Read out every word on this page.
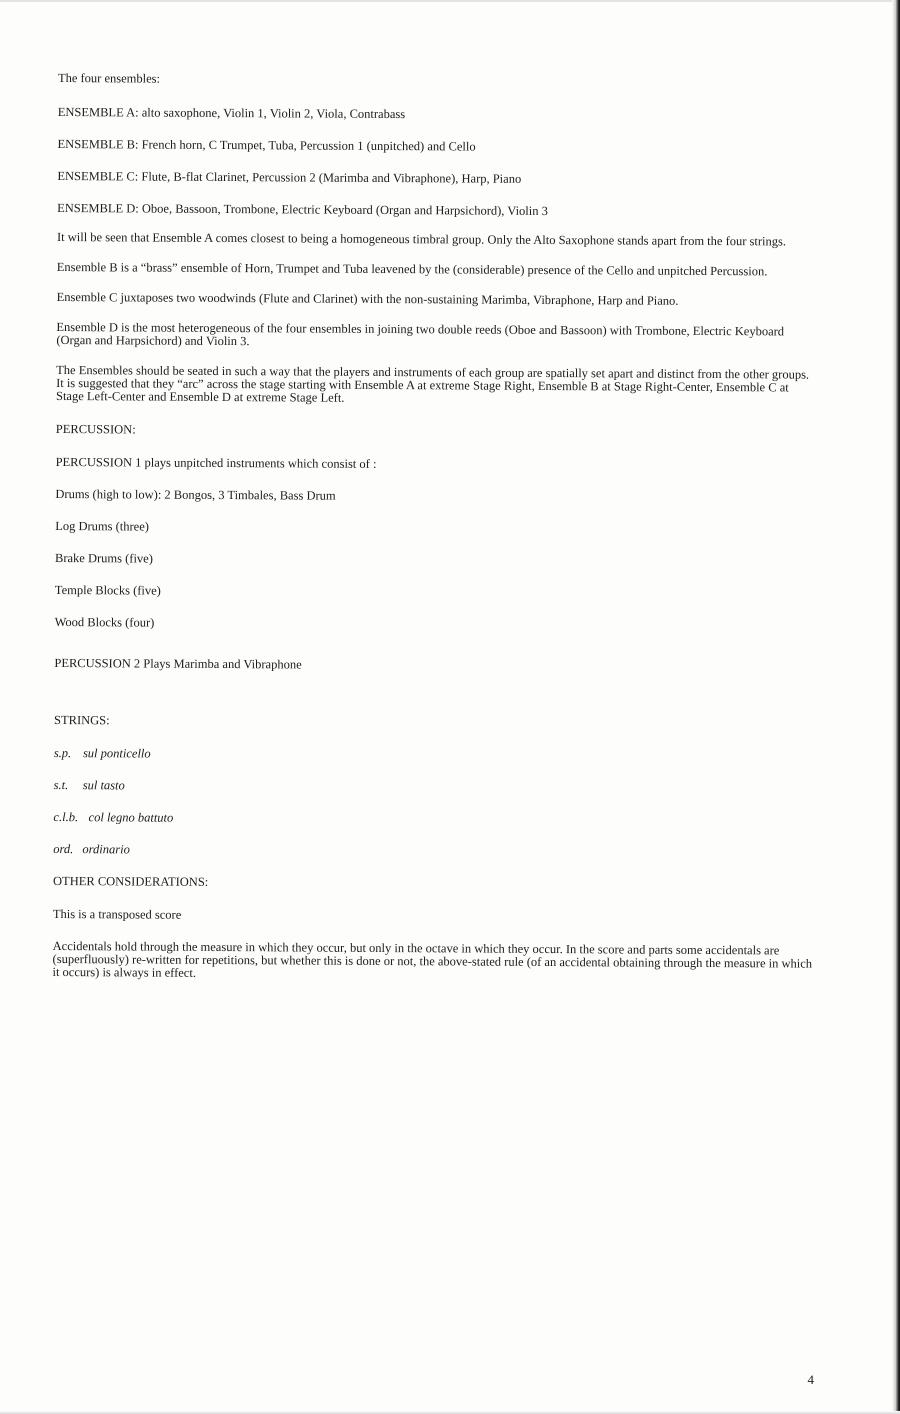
The four ensembles:

ENSEMBLE A: alto saxophone, Violin 1, Violin 2, Viola, Contrabass

ENSEMBLE B: French horn, C Trumpet, Tuba, Percussion 1 (unpitched) and Cello

ENSEMBLE C: Flute, B-flat Clarinet, Percussion 2 (Marimba and Vibraphone), Harp, Piano

ENSEMBLE D: Oboe, Bassoon, Trombone, Electric Keyboard (Organ and Harpsichord), Violin 3

It will be seen that Ensemble A comes closest to being a homogeneous timbral group. Only the Alto Saxophone stands apart from the four strings.

Ensemble B is a “brass” ensemble of Horn, Trumpet and Tuba leavened by the (considerable) presence of the Cello and unpitched Percussion.

Ensemble C juxtaposes two woodwinds (Flute and Clarinet) with the non-sustaining Marimba, Vibraphone, Harp and Piano.

Ensemble D is the most heterogeneous of the four ensembles in joining two double reeds (Oboe and Bassoon) with Trombone, Electric Keyboard (Organ and Harpsichord) and Violin 3.

The Ensembles should be seated in such a way that the players and instruments of each group are spatially set apart and distinct from the other groups. It is suggested that they “arc” across the stage starting with Ensemble A at extreme Stage Right, Ensemble B at Stage Right-Center, Ensemble C at Stage Left-Center and Ensemble D at extreme Stage Left.

PERCUSSION:

PERCUSSION 1 plays unpitched instruments which consist of :

Drums (high to low): 2 Bongos, 3 Timbales, Bass Drum

Log Drums (three)

Brake Drums (five)

Temple Blocks (five)

Wood Blocks (four)

PERCUSSION 2 Plays Marimba and Vibraphone

STRINGS:

s.p. sul ponticello

s.t. sul tasto

c.l.b. col legno battuto

ord. ordinario

OTHER CONSIDERATIONS:

This is a transposed score

Accidentals hold through the measure in which they occur, but only in the octave in which they occur. In the score and parts some accidentals are (superfluously) re-written for repetitions, but whether this is done or not, the above-stated rule (of an accidental obtaining through the measure in which it occurs) is always in effect.

4
